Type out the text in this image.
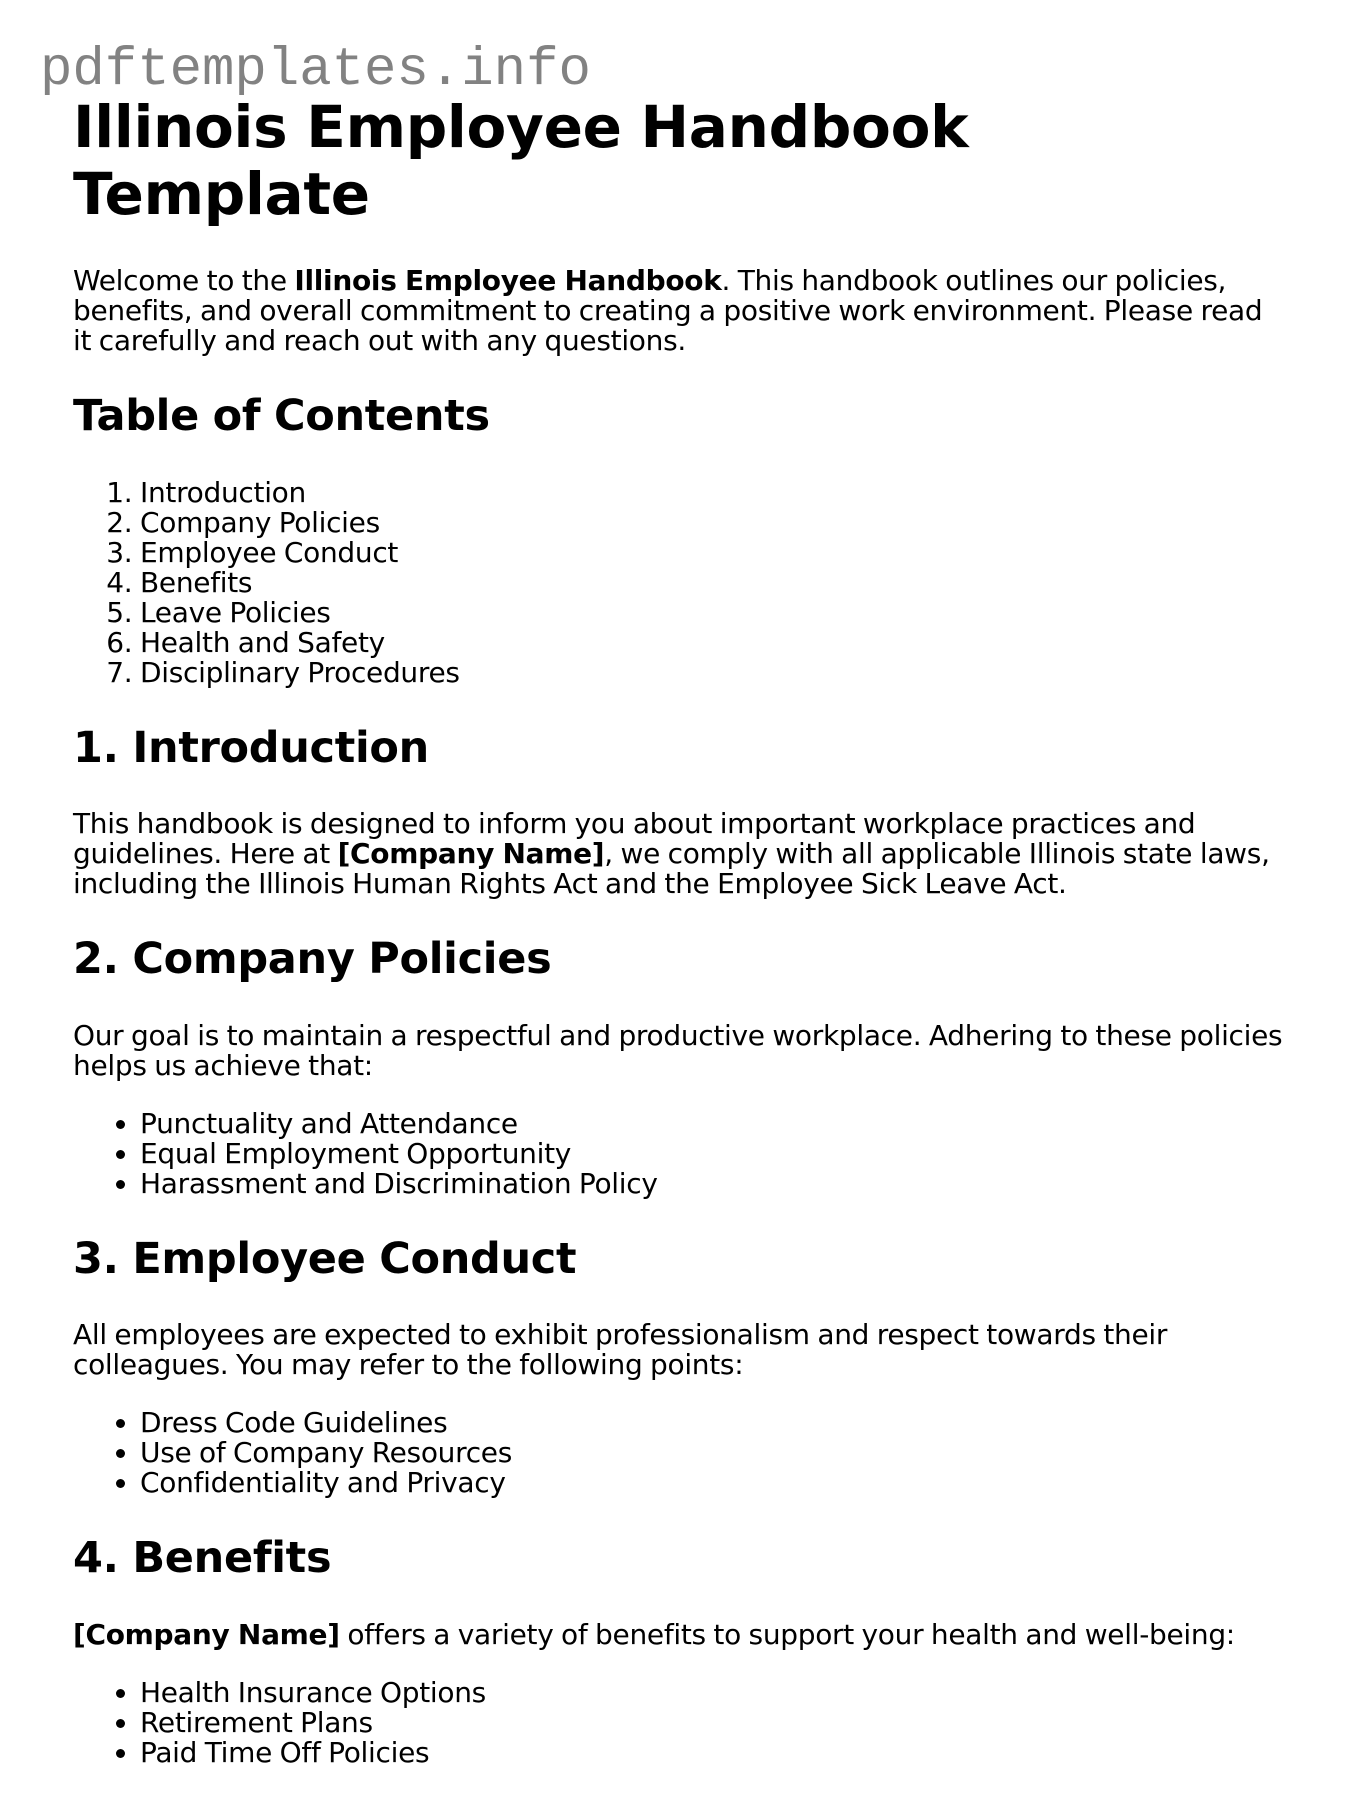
pdftemplates.info
Illinois Employee Handbook Template

Welcome to the Illinois Employee Handbook. This handbook outlines our policies, benefits, and overall commitment to creating a positive work environment. Please read it carefully and reach out with any questions.

Table of Contents
1. Introduction
2. Company Policies
3. Employee Conduct
4. Benefits
5. Leave Policies
6. Health and Safety
7. Disciplinary Procedures
1. Introduction

This handbook is designed to inform you about important workplace practices and guidelines. Here at [Company Name], we comply with all applicable Illinois state laws, including the Illinois Human Rights Act and the Employee Sick Leave Act.

2. Company Policies

Our goal is to maintain a respectful and productive workplace. Adhering to these policies helps us achieve that:

• Punctuality and Attendance
• Equal Employment Opportunity
• Harassment and Discrimination Policy
3. Employee Conduct

All employees are expected to exhibit professionalism and respect towards their colleagues. You may refer to the following points:

• Dress Code Guidelines
• Use of Company Resources
• Confidentiality and Privacy
4. Benefits

[Company Name] offers a variety of benefits to support your health and well-being:

• Health Insurance Options
• Retirement Plans
• Paid Time Off Policies
